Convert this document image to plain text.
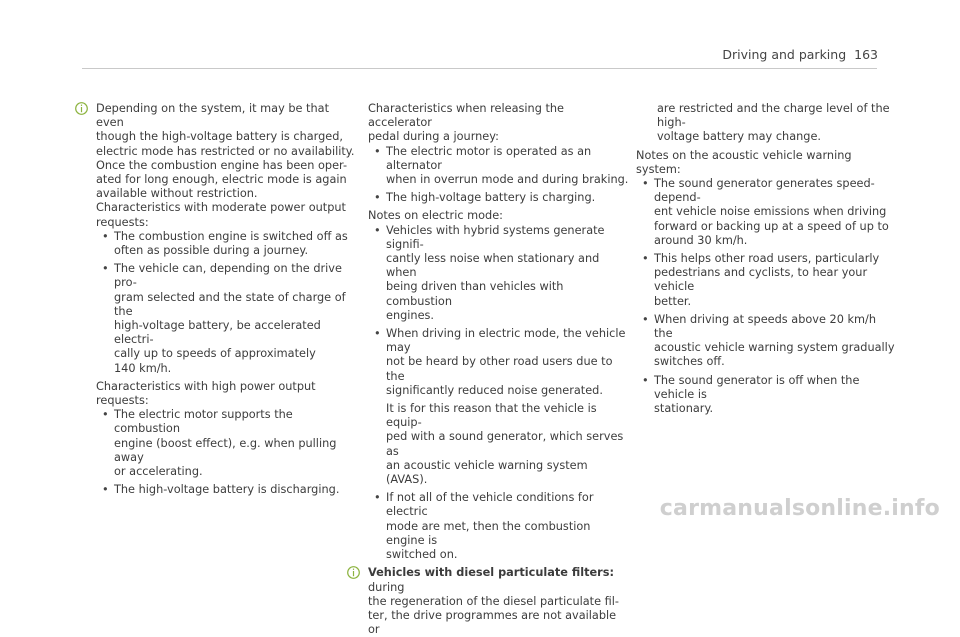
Driving and parking 163

Depending on the system, it may be that even
though the high-voltage battery is charged,
electric mode has restricted or no availability.
Once the combustion engine has been oper-
ated for long enough, electric mode is again
available without restriction.

Characteristics with moderate power output
requests:

• The combustion engine is switched off as
often as possible during a journey.
• The vehicle can, depending on the drive pro-
gram selected and the state of charge of the
high-voltage battery, be accelerated electri-
cally up to speeds of approximately
140 km/h.

Characteristics with high power output requests:

• The electric motor supports the combustion
engine (boost effect), e.g. when pulling away
or accelerating.
• The high-voltage battery is discharging.

Characteristics when releasing the accelerator
pedal during a journey:

• The electric motor is operated as an alternator
when in overrun mode and during braking.
• The high-voltage battery is charging.

Notes on electric mode:

• Vehicles with hybrid systems generate signifi-
cantly less noise when stationary and when
being driven than vehicles with combustion
engines.
• When driving in electric mode, the vehicle may
not be heard by other road users due to the
significantly reduced noise generated.

It is for this reason that the vehicle is equip-
ped with a sound generator, which serves as
an acoustic vehicle warning system (AVAS).

• If not all of the vehicle conditions for electric
mode are met, then the combustion engine is
switched on.

Vehicles with diesel particulate filters: during
the regeneration of the diesel particulate fil-
ter, the drive programmes are not available or

are restricted and the charge level of the high-
voltage battery may change.

Notes on the acoustic vehicle warning system:

• The sound generator generates speed-depend-
ent vehicle noise emissions when driving
forward or backing up at a speed of up to
around 30 km/h.
• This helps other road users, particularly
pedestrians and cyclists, to hear your vehicle
better.
• When driving at speeds above 20 km/h the
acoustic vehicle warning system gradually
switches off.
• The sound generator is off when the vehicle is
stationary.
carmanualsonline.info
